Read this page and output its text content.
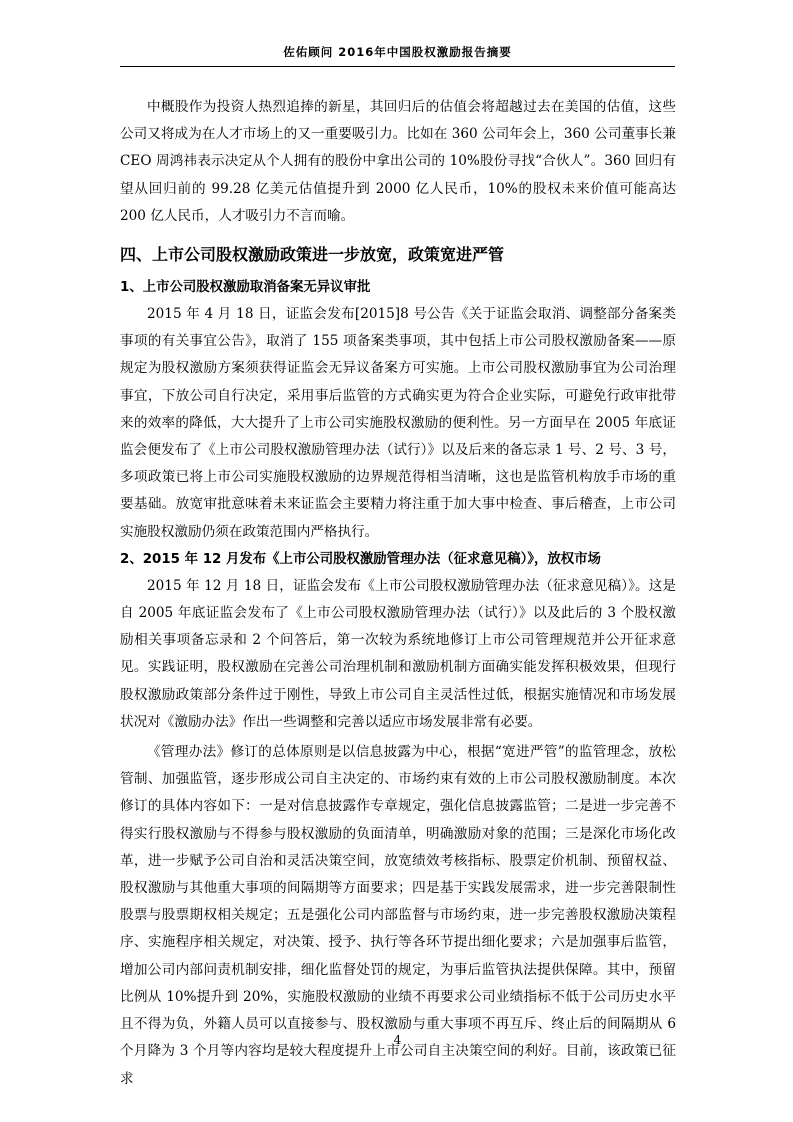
佐佑顾问 2016年中国股权激励报告摘要

中概股作为投资人热烈追捧的新星，其回归后的估值会将超越过去在美国的估值，这些公司又将成为在人才市场上的又一重要吸引力。比如在 360 公司年会上，360 公司董事长兼 CEO 周鸿祎表示决定从个人拥有的股份中拿出公司的 10%股份寻找“合伙人”。360 回归有望从回归前的 99.28 亿美元估值提升到 2000 亿人民币，10%的股权未来价值可能高达 200 亿人民币，人才吸引力不言而喻。

四、上市公司股权激励政策进一步放宽，政策宽进严管
1、上市公司股权激励取消备案无异议审批

2015 年 4 月 18 日，证监会发布[2015]8 号公告《关于证监会取消、调整部分备案类事项的有关事宜公告》，取消了 155 项备案类事项，其中包括上市公司股权激励备案——原规定为股权激励方案须获得证监会无异议备案方可实施。上市公司股权激励事宜为公司治理事宜，下放公司自行决定，采用事后监管的方式确实更为符合企业实际，可避免行政审批带来的效率的降低，大大提升了上市公司实施股权激励的便利性。另一方面早在 2005 年底证监会便发布了《上市公司股权激励管理办法（试行）》以及后来的备忘录 1 号、2 号、3 号，多项政策已将上市公司实施股权激励的边界规范得相当清晰，这也是监管机构放手市场的重要基础。放宽审批意味着未来证监会主要精力将注重于加大事中检查、事后稽查，上市公司实施股权激励仍须在政策范围内严格执行。

2、2015 年 12 月发布《上市公司股权激励管理办法（征求意见稿）》，放权市场

2015 年 12 月 18 日，证监会发布《上市公司股权激励管理办法（征求意见稿）》。这是自 2005 年底证监会发布了《上市公司股权激励管理办法（试行）》以及此后的 3 个股权激励相关事项备忘录和 2 个问答后，第一次较为系统地修订上市公司管理规范并公开征求意见。实践证明，股权激励在完善公司治理机制和激励机制方面确实能发挥积极效果，但现行股权激励政策部分条件过于刚性，导致上市公司自主灵活性过低，根据实施情况和市场发展状况对《激励办法》作出一些调整和完善以适应市场发展非常有必要。

《管理办法》修订的总体原则是以信息披露为中心，根据“宽进严管”的监管理念，放松管制、加强监管，逐步形成公司自主决定的、市场约束有效的上市公司股权激励制度。本次修订的具体内容如下：一是对信息披露作专章规定，强化信息披露监管；二是进一步完善不得实行股权激励与不得参与股权激励的负面清单，明确激励对象的范围；三是深化市场化改革，进一步赋予公司自治和灵活决策空间，放宽绩效考核指标、股票定价机制、预留权益、股权激励与其他重大事项的间隔期等方面要求；四是基于实践发展需求，进一步完善限制性股票与股票期权相关规定；五是强化公司内部监督与市场约束，进一步完善股权激励决策程序、实施程序相关规定，对决策、授予、执行等各环节提出细化要求；六是加强事后监管，增加公司内部问责机制安排，细化监督处罚的规定，为事后监管执法提供保障。其中，预留比例从 10%提升到 20%，实施股权激励的业绩不再要求公司业绩指标不低于公司历史水平且不得为负，外籍人员可以直接参与、股权激励与重大事项不再互斥、终止后的间隔期从 6 个月降为 3 个月等内容均是较大程度提升上市公司自主决策空间的利好。目前，该政策已征求

4
